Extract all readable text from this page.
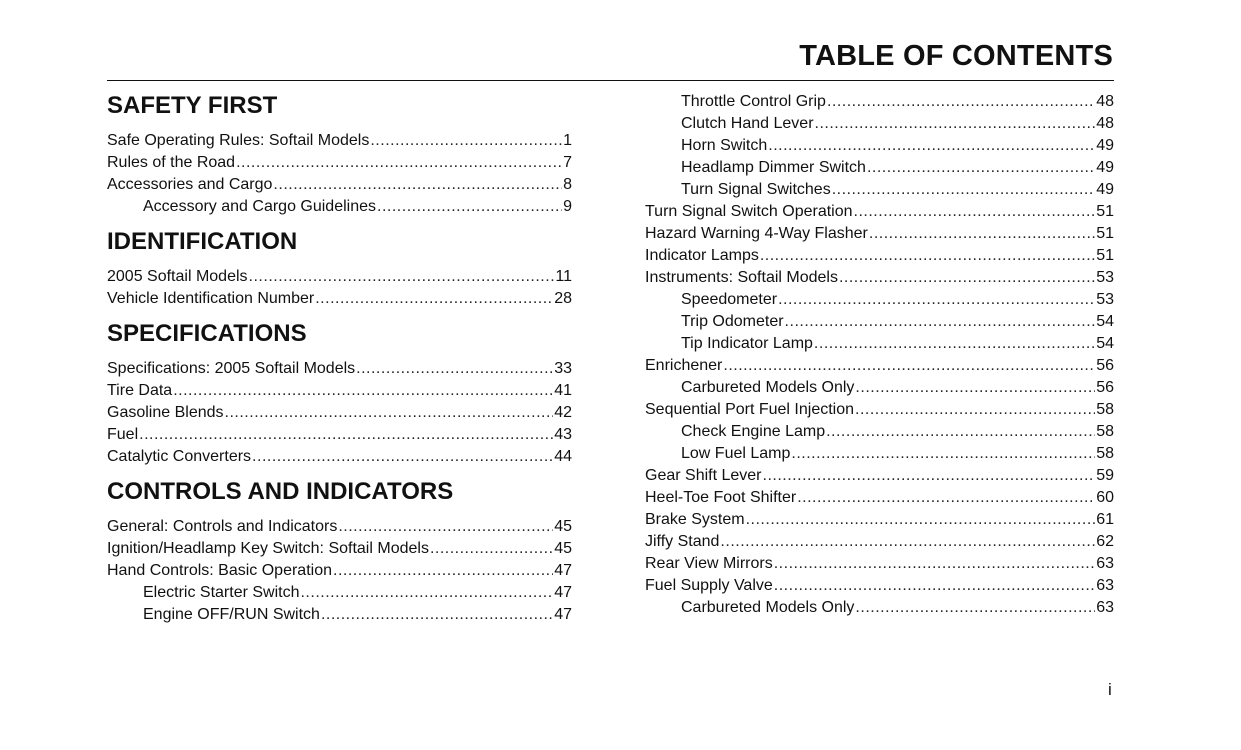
TABLE OF CONTENTS
SAFETY FIRST
Safe Operating Rules: Softail Models .....	1
Rules of the Road .....	7
Accessories and Cargo .....	8
Accessory and Cargo Guidelines .....	9
IDENTIFICATION
2005 Softail Models .....	11
Vehicle Identification Number .....	28
SPECIFICATIONS
Specifications: 2005 Softail Models .....	33
Tire Data .....	41
Gasoline Blends .....	42
Fuel .....	43
Catalytic Converters .....	44
CONTROLS AND INDICATORS
General: Controls and Indicators .....	45
Ignition/Headlamp Key Switch: Softail Models .....	45
Hand Controls: Basic Operation .....	47
Electric Starter Switch .....	47
Engine OFF/RUN Switch .....	47
Throttle Control Grip .....	48
Clutch Hand Lever .....	48
Horn Switch .....	49
Headlamp Dimmer Switch .....	49
Turn Signal Switches .....	49
Turn Signal Switch Operation .....	51
Hazard Warning 4-Way Flasher .....	51
Indicator Lamps .....	51
Instruments: Softail Models .....	53
Speedometer .....	53
Trip Odometer .....	54
Tip Indicator Lamp .....	54
Enrichener .....	56
Carbureted Models Only .....	56
Sequential Port Fuel Injection .....	58
Check Engine Lamp .....	58
Low Fuel Lamp .....	58
Gear Shift Lever .....	59
Heel-Toe Foot Shifter .....	60
Brake System .....	61
Jiffy Stand .....	62
Rear View Mirrors .....	63
Fuel Supply Valve .....	63
Carbureted Models Only .....	63
i
